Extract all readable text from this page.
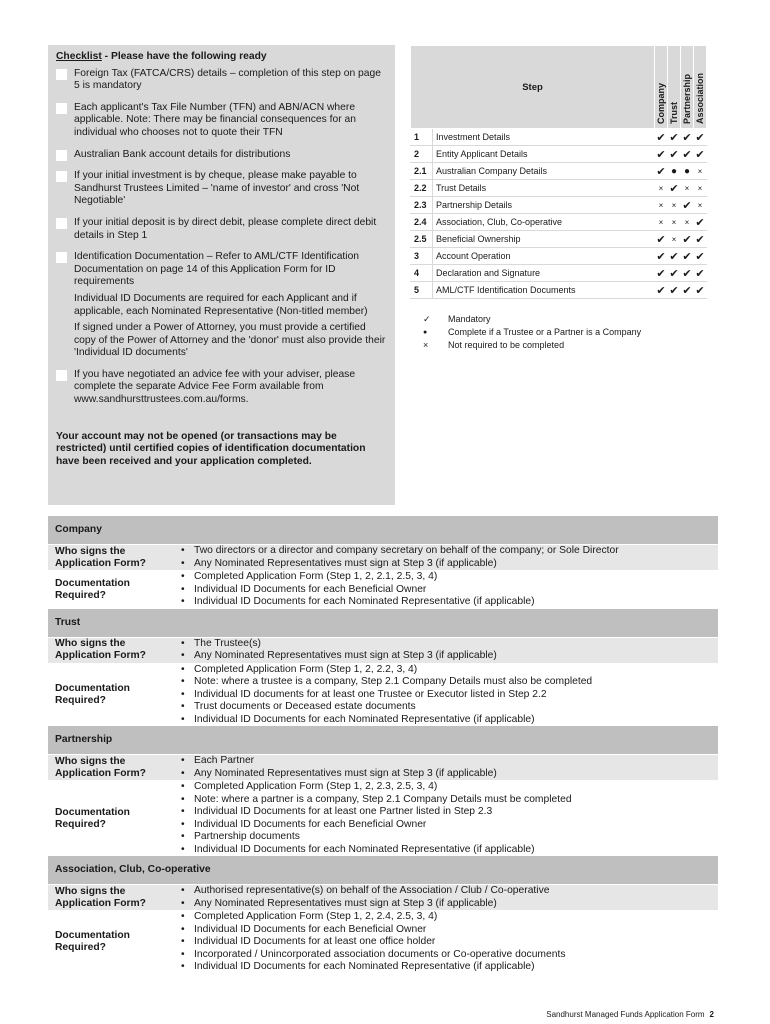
Checklist - Please have the following ready
Foreign Tax (FATCA/CRS) details – completion of this step on page 5 is mandatory
Each applicant's Tax File Number (TFN) and ABN/ACN where applicable. Note: There may be financial consequences for an individual who chooses not to quote their TFN
Australian Bank account details for distributions
If your initial investment is by cheque, please make payable to Sandhurst Trustees Limited – 'name of investor' and cross 'Not Negotiable'
If your initial deposit is by direct debit, please complete direct debit details in Step 1
Identification Documentation – Refer to AML/CTF Identification Documentation on page 14 of this Application Form for ID requirements
Individual ID Documents are required for each Applicant and if applicable, each Nominated Representative (Non-titled member)
If signed under a Power of Attorney, you must provide a certified copy of the Power of Attorney and the 'donor' must also provide their 'Individual ID documents'
If you have negotiated an advice fee with your adviser, please complete the separate Advice Fee Form available from www.sandhursttrustees.com.au/forms.
Your account may not be opened (or transactions may be restricted) until certified copies of identification documentation have been received and your application completed.
Step		Company	Trust	Partnership	Association

1	Investment Details	✔	✔	✔	✔
2	Entity Applicant Details	✔	✔	✔	✔
2.1	Australian Company Details	✔	●	●	×
2.2	Trust Details	×	✔	×	×
2.3	Partnership Details	×	×	✔	×
2.4	Association, Club, Co-operative	×	×	×	✔
2.5	Beneficial Ownership	✔	×	✔	✔
3	Account Operation	✔	✔	✔	✔
4	Declaration and Signature	✔	✔	✔	✔
5	AML/CTF Identification Documents	✔	✔	✔	✔
✓	Mandatory
●	Complete if a Trustee or a Partner is a Company
×	Not required to be completed
Company
Who signs the Application Form?
• Two directors or a director and company secretary on behalf of the company; or Sole Director
• Any Nominated Representatives must sign at Step 3 (if applicable)
Documentation Required?
• Completed Application Form (Step 1, 2, 2.1, 2.5, 3, 4)
• Individual ID Documents for each Beneficial Owner
• Individual ID Documents for each Nominated Representative (if applicable)
Trust
Who signs the Application Form?
• The Trustee(s)
• Any Nominated Representatives must sign at Step 3 (if applicable)
Documentation Required?
• Completed Application Form (Step 1, 2, 2.2, 3, 4)
• Note: where a trustee is a company, Step 2.1 Company Details must also be completed
• Individual ID documents for at least one Trustee or Executor listed in Step 2.2
• Trust documents or Deceased estate documents
• Individual ID Documents for each Nominated Representative (if applicable)
Partnership
Who signs the Application Form?
• Each Partner
• Any Nominated Representatives must sign at Step 3 (if applicable)
Documentation Required?
• Completed Application Form (Step 1, 2, 2.3, 2.5, 3, 4)
• Note: where a partner is a company, Step 2.1 Company Details must be completed
• Individual ID Documents for at least one Partner listed in Step 2.3
• Individual ID Documents for each Beneficial Owner
• Partnership documents
• Individual ID Documents for each Nominated Representative (if applicable)
Association, Club, Co-operative
Who signs the Application Form?
• Authorised representative(s) on behalf of the Association / Club / Co-operative
• Any Nominated Representatives must sign at Step 3 (if applicable)
Documentation Required?
• Completed Application Form (Step 1, 2, 2.4, 2.5, 3, 4)
• Individual ID Documents for each Beneficial Owner
• Individual ID Documents for at least one office holder
• Incorporated / Unincorporated association documents or Co-operative documents
• Individual ID Documents for each Nominated Representative (if applicable)
Sandhurst Managed Funds Application Form 2
